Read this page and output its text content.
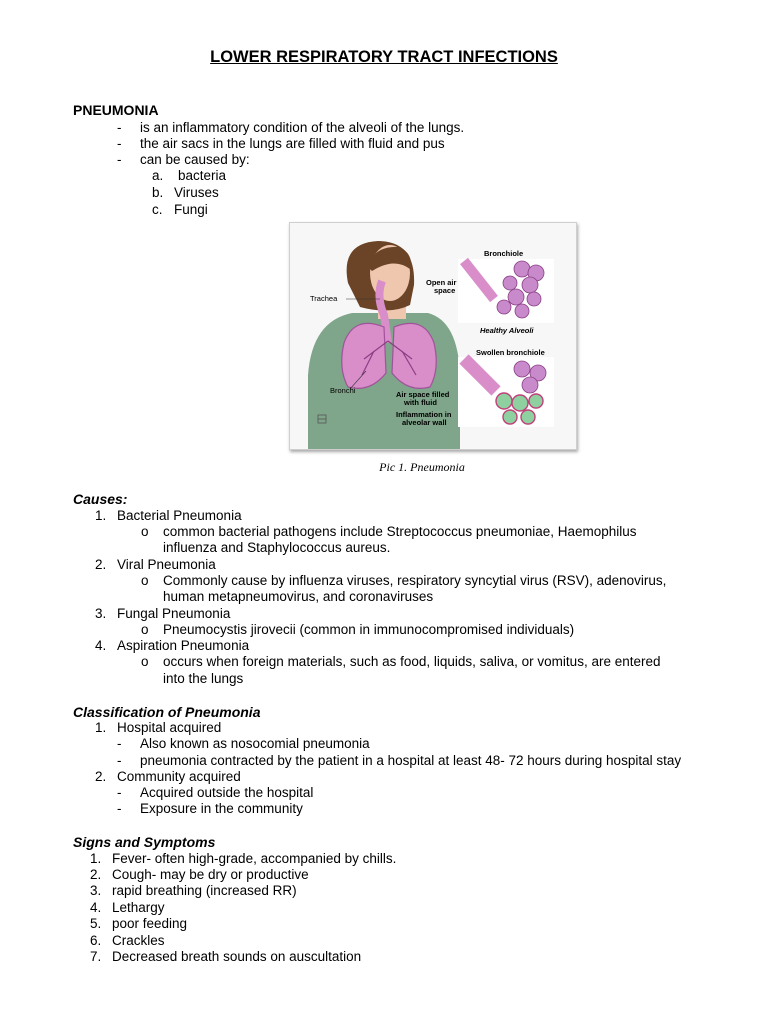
LOWER RESPIRATORY TRACT INFECTIONS
PNEUMONIA
- is an inflammatory condition of the alveoli of the lungs.
- the air sacs in the lungs are filled with fluid and pus
- can be caused by:
a. bacteria
b. Viruses
c. Fungi
Bronchiole
Trachea
Open air
space
Healthy Alveoli
Swollen bronchiole
Bronchi	Air space filled
with fluid
Inflammation in
alveolar wall
Pic 1. Pneumonia
Causes:
1. Bacterial Pneumonia
o common bacterial pathogens include Streptococcus pneumoniae, Haemophilus
influenza and Staphylococcus aureus.
2. Viral Pneumonia
o Commonly cause by influenza viruses, respiratory syncytial virus (RSV), adenovirus,
human metapneumovirus, and coronaviruses
3. Fungal Pneumonia
o Pneumocystis jirovecii (common in immunocompromised individuals)
4. Aspiration Pneumonia
o occurs when foreign materials, such as food, liquids, saliva, or vomitus, are entered
into the lungs
Classification of Pneumonia
1. Hospital acquired
- Also known as nosocomial pneumonia
- pneumonia contracted by the patient in a hospital at least 48- 72 hours during hospital stay
2. Community acquired
- Acquired outside the hospital
- Exposure in the community
Signs and Symptoms
1. Fever- often high-grade, accompanied by chills.
2. Cough- may be dry or productive
3. rapid breathing (increased RR)
4. Lethargy
5. poor feeding
6. Crackles
7. Decreased breath sounds on auscultation
